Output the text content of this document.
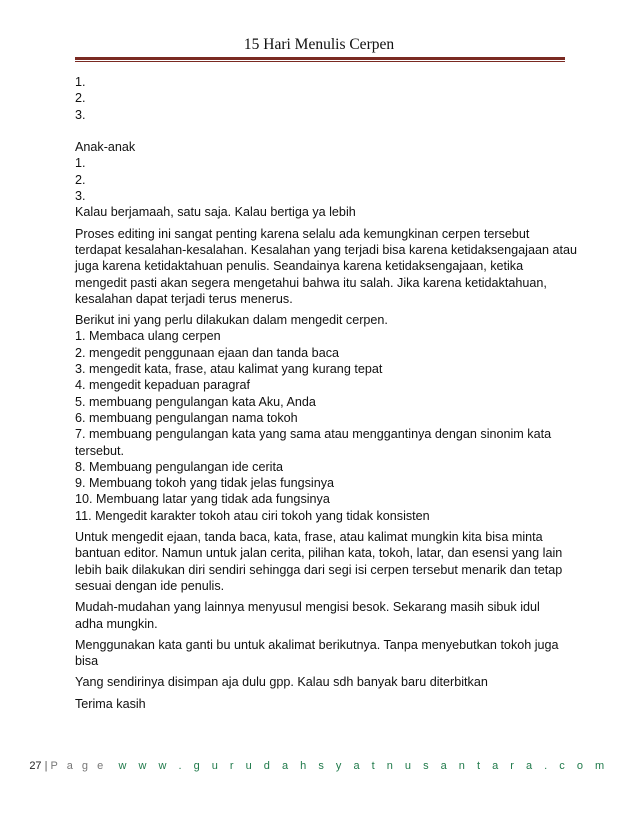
15 Hari Menulis Cerpen
1.
2.
3.
Anak-anak
1.
2.
3.
Kalau berjamaah, satu saja. Kalau bertiga ya lebih
Proses editing ini sangat penting karena selalu ada kemungkinan cerpen tersebut
terdapat kesalahan-kesalahan. Kesalahan yang terjadi bisa karena ketidaksengajaan atau
juga karena ketidaktahuan penulis. Seandainya karena ketidaksengajaan, ketika
mengedit pasti akan segera mengetahui bahwa itu salah. Jika karena ketidaktahuan,
kesalahan dapat terjadi terus menerus.
Berikut ini yang perlu dilakukan dalam mengedit cerpen.
1. Membaca ulang cerpen
2. mengedit penggunaan ejaan dan tanda baca
3. mengedit kata, frase, atau kalimat yang kurang tepat
4. mengedit kepaduan paragraf
5. membuang pengulangan kata Aku, Anda
6. membuang pengulangan nama tokoh
7. membuang pengulangan kata yang sama atau menggantinya dengan sinonim kata
tersebut.
8. Membuang pengulangan ide cerita
9. Membuang tokoh yang tidak jelas fungsinya
10. Membuang latar yang tidak ada fungsinya
11. Mengedit karakter tokoh atau ciri tokoh yang tidak konsisten
Untuk mengedit ejaan, tanda baca, kata, frase, atau kalimat mungkin kita bisa minta
bantuan editor. Namun untuk jalan cerita, pilihan kata, tokoh, latar, dan esensi yang lain
lebih baik dilakukan diri sendiri sehingga dari segi isi cerpen tersebut menarik dan tetap
sesuai dengan ide penulis.
Mudah-mudahan yang lainnya menyusul mengisi besok. Sekarang masih sibuk idul
adha mungkin.
Menggunakan kata ganti bu untuk akalimat berikutnya. Tanpa menyebutkan tokoh juga
bisa
Yang sendirinya disimpan aja dulu gpp. Kalau sdh banyak baru diterbitkan
Terima kasih
27 | P a g e w w w . g u r u d a h s y a t n u s a n t a r a . c o m
